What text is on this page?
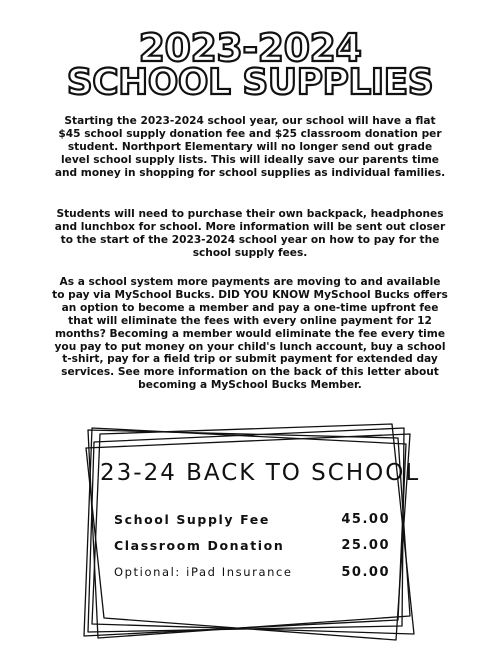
2023-2024
SCHOOL SUPPLIES

Starting the 2023-2024 school year, our school will have a flat $45 school supply donation fee and $25 classroom donation per student. Northport Elementary will no longer send out grade level school supply lists. This will ideally save our parents time and money in shopping for school supplies as individual families.

Students will need to purchase their own backpack, headphones and lunchbox for school. More information will be sent out closer to the start of the 2023-2024 school year on how to pay for the school supply fees.

As a school system more payments are moving to and available to pay via MySchool Bucks. DID YOU KNOW MySchool Bucks offers an option to become a member and pay a one-time upfront fee that will eliminate the fees with every online payment for 12 months? Becoming a member would eliminate the fee every time you pay to put money on your child's lunch account, buy a school t-shirt, pay for a field trip or submit payment for extended day services. See more information on the back of this letter about becoming a MySchool Bucks Member.

23-24 BACK TO SCHOOL
School Supply Fee	45.00
Classroom Donation	25.00
Optional: iPad Insurance	50.00
